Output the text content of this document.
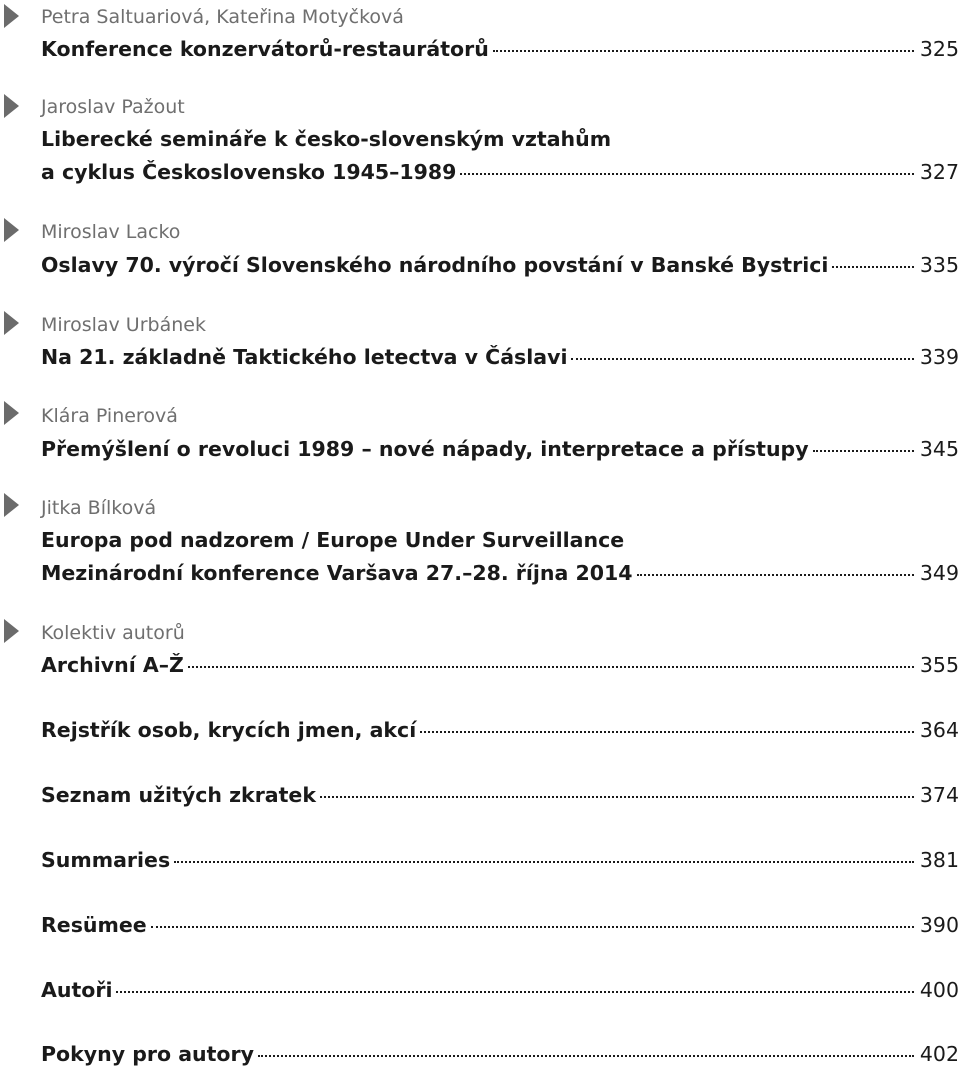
Petra Saltuariová, Kateřina Motyčková
Konference konzervátorů-restaurátorů	325
Jaroslav Pažout
Liberecké semináře k česko-slovenským vztahům
a cyklus Československo 1945–1989	327
Miroslav Lacko
Oslavy 70. výročí Slovenského národního povstání v Banské Bystrici	335
Miroslav Urbánek
Na 21. základně Taktického letectva v Čáslavi	339
Klára Pinerová
Přemýšlení o revoluci 1989 – nové nápady, interpretace a přístupy	345
Jitka Bílková
Europa pod nadzorem / Europe Under Surveillance
Mezinárodní konference Varšava 27.–28. října 2014	349
Kolektiv autorů
Archivní A–Ž	355
Rejstřík osob, krycích jmen, akcí	364
Seznam užitých zkratek	374
Summaries	381
Resümee	390
Autoři	400
Pokyny pro autory	402
